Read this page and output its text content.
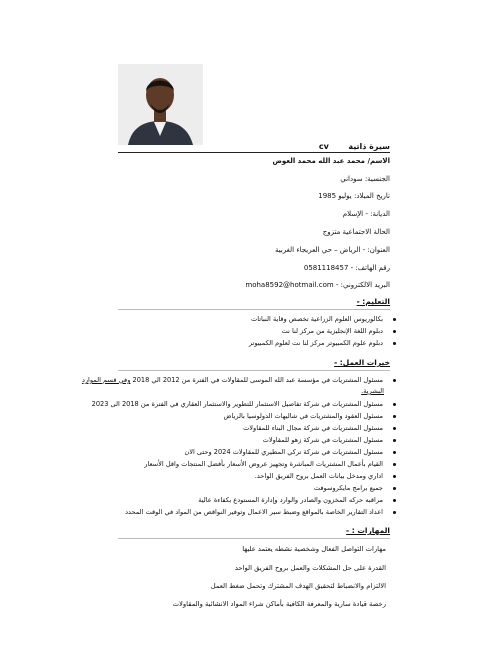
سيرة ذاتية  cv
الاسم/ محمد عبد الله محمد العوض
الجنسية: سوداني
تاريخ الميلاد: يوليو 1985
الديانة: - الإسلام
الحالة الاجتماعية متزوج
العنوان: - الرياض – حي العريجاء الغربية
رقم الهاتف: - 0581118457
البريد الالكتروني: - moha8592@hotmail.com
التعليم: -
بكالوريوس العلوم الزراعية تخصص وقاية النباتات
دبلوم اللغة الإنجليزية من مركز لنا نت
دبلوم علوم الكمبيوتر مركز لنا نت لعلوم الكمبيوتر
خبرات العمل: -
مسئول المشتريات في مؤسسة عبد الله الموسى للمقاولات في الفترة من 2012 الي 2018 وفي قسم الموارد
البشرية.
مسئول المشتريات في شركة تفاصيل الاستثمار للتطوير والاستثمار العقاري في الفترة من 2018 الى 2023
مسئول العقود والمشتريات في شاليهات الدولوسيا بالرياض
مسئول المشتريات في شركة مجال البناء للمقاولات
مسئول المشتريات في شركة زهو للمقاولات
مسئول المشتريات في شركة تركي المطيري للمقاولات 2024 وحتى الان
القيام بأعمال المشتريات المباشرة وتجهيز عروض الأسعار بأفضل المنتجات واقل الأسعار
اداري ومدخل بيانات العمل بروح الفريق الواحد.
جميع برامج مايكروسوفت
مراقبه حركه المخزون والصادر والوارد وإدارة المستودع بكفاءة عالية
اعداد التقارير الخاصة بالمواقع وضبط سير الاعمال وتوفير النواقص من المواد في الوقت المحدد
المهارات : -
مهارات التواصل الفعال وشخصية نشطه يعتمد عليها
القدرة على حل المشكلات والعمل بروح الفريق الواحد
الالتزام والانضباط لتحقيق الهدف المشترك وتحمل ضغط العمل
رخصة قيادة سارية والمعرفة الكافية بأماكن شراء المواد الانشائية والمقاولات
